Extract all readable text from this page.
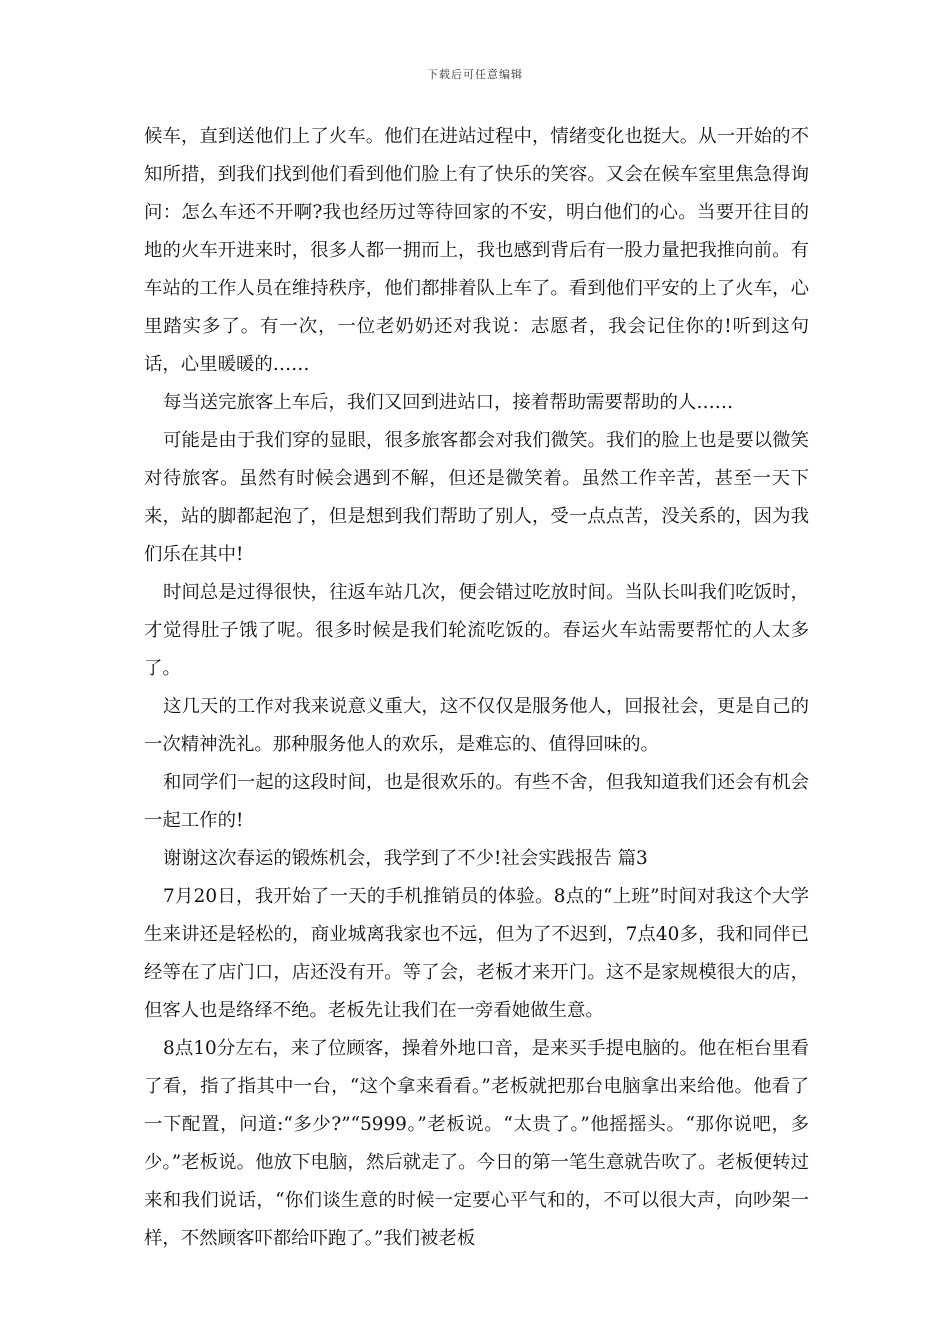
下载后可任意编辑

候车，直到送他们上了火车。他们在进站过程中，情绪变化也挺大。从一开始的不知所措，到我们找到他们看到他们脸上有了快乐的笑容。又会在候车室里焦急得询问：怎么车还不开啊?我也经历过等待回家的不安，明白他们的心。当要开往目的地的火车开进来时，很多人都一拥而上，我也感到背后有一股力量把我推向前。有车站的工作人员在维持秩序，他们都排着队上车了。看到他们平安的上了火车，心里踏实多了。有一次，一位老奶奶还对我说：志愿者，我会记住你的!听到这句话，心里暖暖的……

每当送完旅客上车后，我们又回到进站口，接着帮助需要帮助的人……

可能是由于我们穿的显眼，很多旅客都会对我们微笑。我们的脸上也是要以微笑对待旅客。虽然有时候会遇到不解，但还是微笑着。虽然工作辛苦，甚至一天下来，站的脚都起泡了，但是想到我们帮助了别人，受一点点苦，没关系的，因为我们乐在其中!

时间总是过得很快，往返车站几次，便会错过吃放时间。当队长叫我们吃饭时，才觉得肚子饿了呢。很多时候是我们轮流吃饭的。春运火车站需要帮忙的人太多了。

这几天的工作对我来说意义重大，这不仅仅是服务他人，回报社会，更是自己的一次精神洗礼。那种服务他人的欢乐，是难忘的、值得回味的。

和同学们一起的这段时间，也是很欢乐的。有些不舍，但我知道我们还会有机会一起工作的!

谢谢这次春运的锻炼机会，我学到了不少!社会实践报告 篇3

7月20日，我开始了一天的手机推销员的体验。8点的“上班”时间对我这个大学生来讲还是轻松的，商业城离我家也不远，但为了不迟到，7点40多，我和同伴已经等在了店门口，店还没有开。等了会，老板才来开门。这不是家规模很大的店，但客人也是络绎不绝。老板先让我们在一旁看她做生意。

8点10分左右，来了位顾客，操着外地口音，是来买手提电脑的。他在柜台里看了看，指了指其中一台，“这个拿来看看。”老板就把那台电脑拿出来给他。他看了一下配置，问道:“多少?”“5999。”老板说。“太贵了。”他摇摇头。“那你说吧，多少。”老板说。他放下电脑，然后就走了。今日的第一笔生意就告吹了。老板便转过来和我们说话，“你们谈生意的时候一定要心平气和的，不可以很大声，向吵架一样，不然顾客吓都给吓跑了。”我们被老板
